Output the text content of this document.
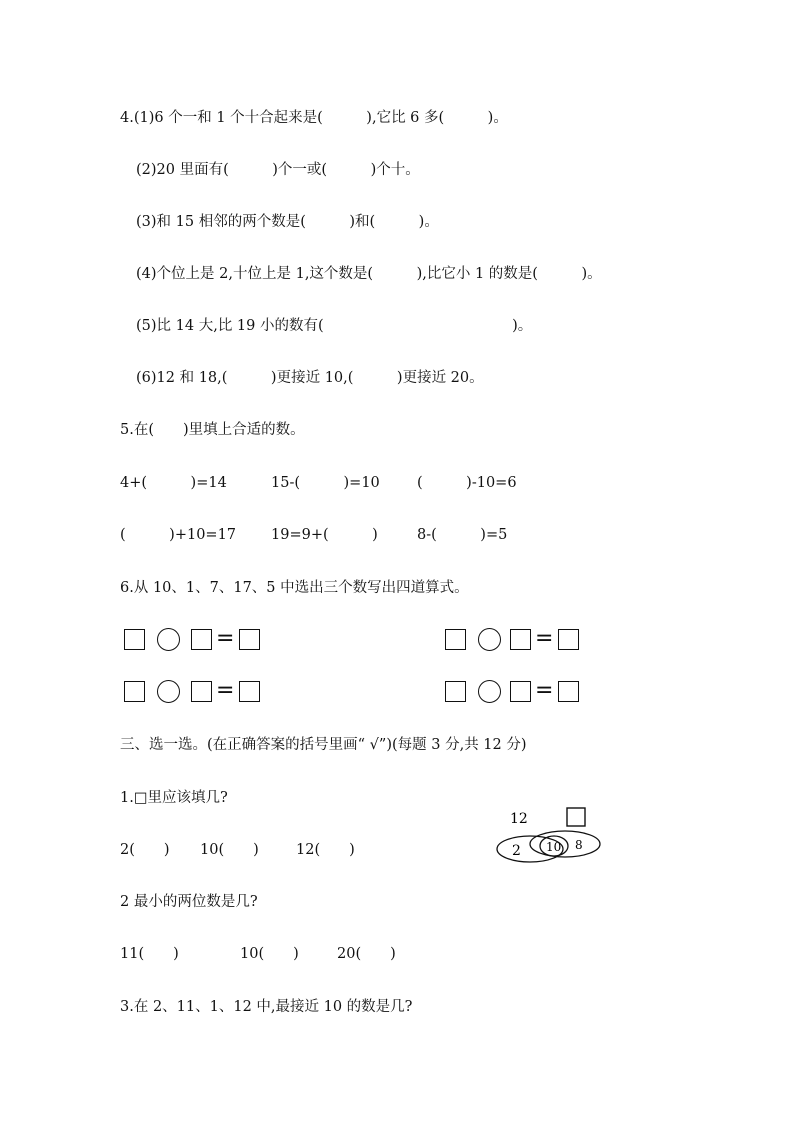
4.(1)6 个一和 1 个十合起来是(　　　),它比 6 多(　　　)。
(2)20 里面有(　　　)个一或(　　　)个十。
(3)和 15 相邻的两个数是(　　　)和(　　　)。
(4)个位上是 2,十位上是 1,这个数是(　　　),比它小 1 的数是(　　　)。
(5)比 14 大,比 19 小的数有(　　　　　　　　　　　　　)。
(6)12 和 18,(　　　)更接近 10,(　　　)更接近 20。
5.在(　　)里填上合适的数。
4+(　　　)=14	15-(　　　)=10	(　　　)-10=6
(　　　)+10=17 19=9+(　　　)	8-(　　　)=5
6.从 10、1、7、17、5 中选出三个数写出四道算式。
=	=
=	=
三、选一选。(在正确答案的括号里画“ √”)(每题 3 分,共 12 分)
1.□里应该填几?
2(　　) 10(　　)	12(　　)
12
2 10 8
2 最小的两位数是几?
11(　　)	10(　　)	20(　　)
3.在 2、11、1、12 中,最接近 10 的数是几?
